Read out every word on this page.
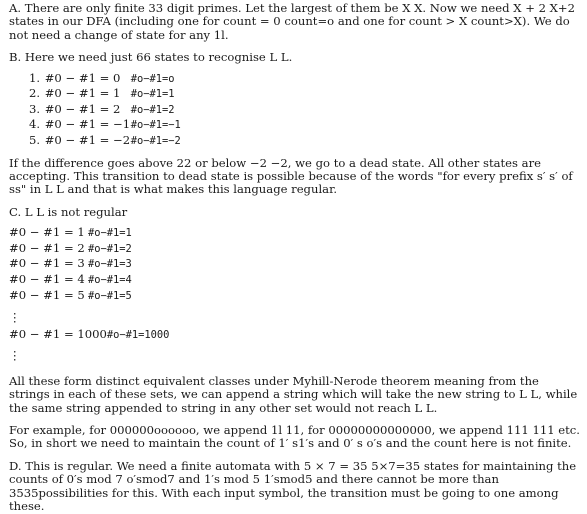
A. There are only finite 33 digit primes. Let the largest of them be X X. Now we need X + 2 X+2 states in our DFA (including one for count = 0 count=o and one for count > X count>X). We do not need a change of state for any 1l.

B. Here we need just 66 states to recognise L L.

1. #0 − #1 = 0 #o−#1=o
2. #0 − #1 = 1 #o−#1=1
3. #0 − #1 = 2 #o−#1=2
4. #0 − #1 = −1#o−#1=−1
5. #0 − #1 = −2#o−#1=−2

If the difference goes above 22 or below −2 −2, we go to a dead state. All other states are accepting. This transition to dead state is possible because of the words "for every prefix s′ s′ of ss" in L L and that is what makes this language regular.

C. L L is not regular

#0 − #1 = 1 #o−#1=1
#0 − #1 = 2 #o−#1=2
#0 − #1 = 3 #o−#1=3
#0 − #1 = 4 #o−#1=4
#0 − #1 = 5 #o−#1=5
⋮
#0 − #1 = 1000#o−#1=1000
⋮

All these form distinct equivalent classes under Myhill-Nerode theorem meaning from the strings in each of these sets, we can append a string which will take the new string to L L, while the same string appended to string in any other set would not reach L L.

For example, for 000000oooooo, we append 1l 11, for 00000000000000, we append 111 111 etc. So, in short we need to maintain the count of 1′ s1′s and 0′ s o′s and the count here is not finite.

D. This is regular. We need a finite automata with 5 × 7 = 35 5×7=35 states for maintaining the counts of 0′s mod 7 o′smod7 and 1′s mod 5 1′smod5 and there cannot be more than 3535possibilities for this. With each input symbol, the transition must be going to one among these.
